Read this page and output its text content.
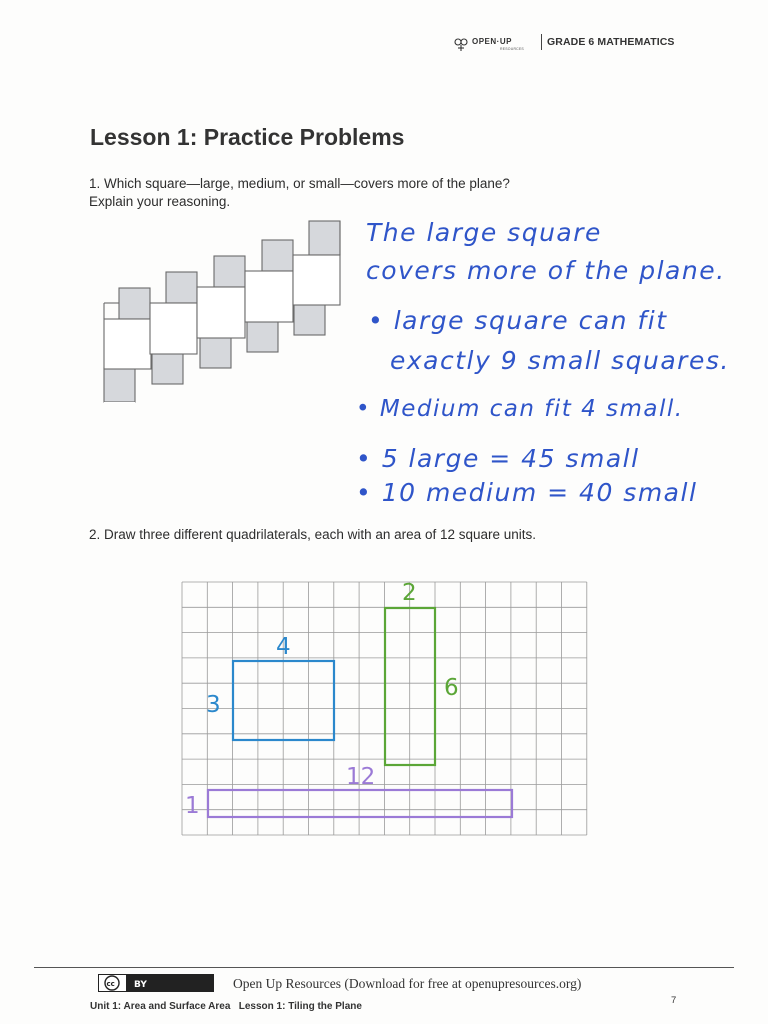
OPEN·UP
RESOURCES
GRADE 6 MATHEMATICS
Lesson 1: Practice Problems
1. Which square—large, medium, or small—covers more of the plane? Explain your reasoning.
The large square
covers more of the plane.
• large square can fit
exactly 9 small squares.
• Medium can fit 4 small.
• 5 large = 45 small
• 10 medium = 40 small
2. Draw three different quadrilaterals, each with an area of 12 square units.
4
3
2
6
12
1
cc BY	Open Up Resources (Download for free at openupresources.org)
Unit 1: Area and Surface Area   Lesson 1: Tiling the Plane
7
